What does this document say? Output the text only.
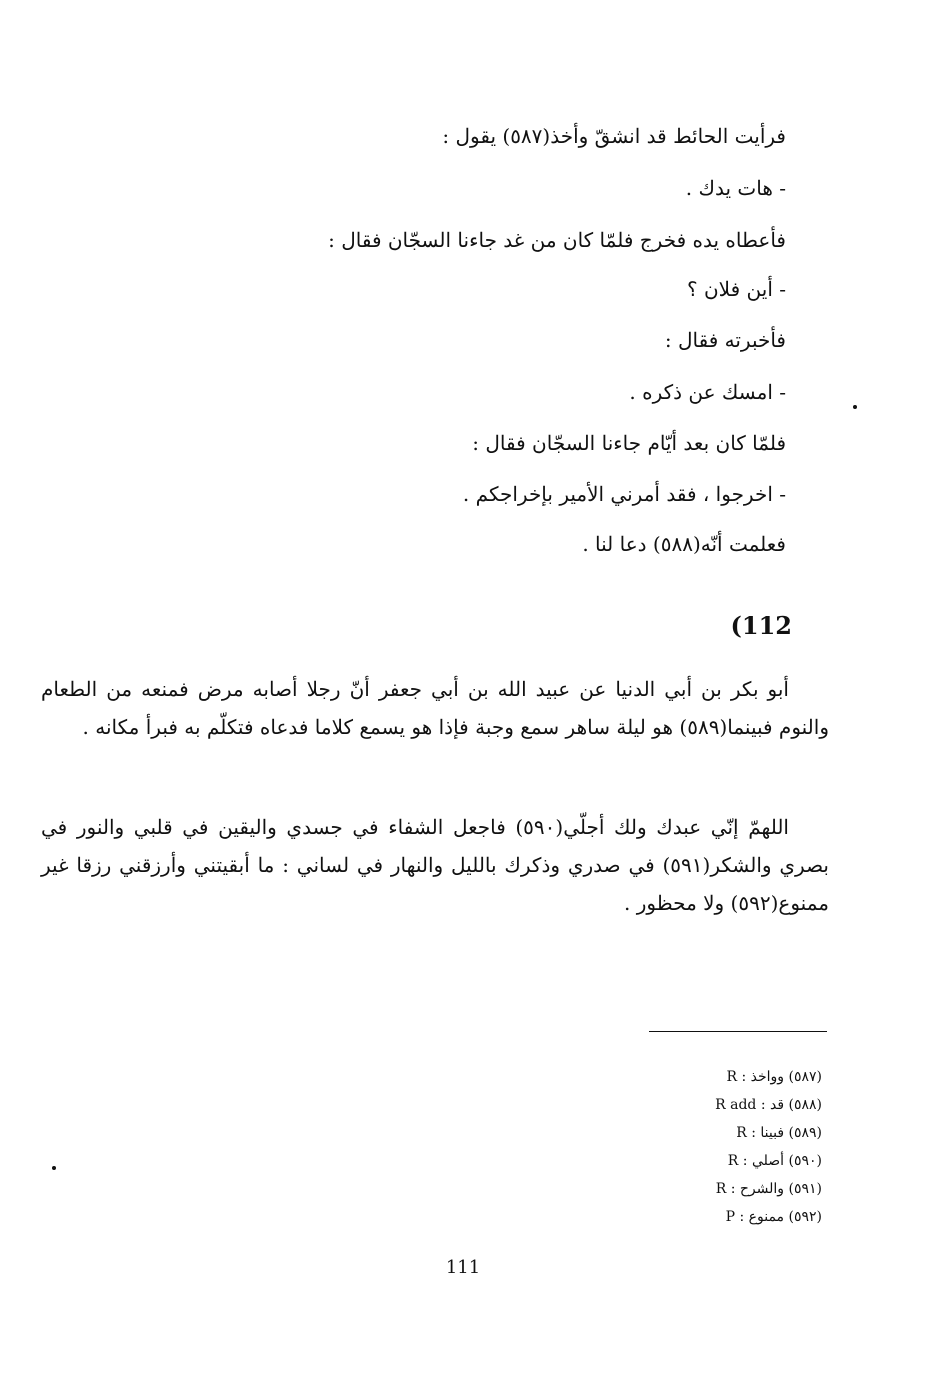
فرأيت الحائط قد انشقّ وأخذ(٥٨٧) يقول :
- هات يدك .
فأعطاه يده فخرج فلمّا كان من غد جاءنا السجّان فقال :
- أين فلان ؟
فأخبرته فقال :
- امسك عن ذكره .
فلمّا كان بعد أيّام جاءنا السجّان فقال :
- اخرجوا ، فقد أمرني الأمير بإخراجكم .
فعلمت أنّه(٥٨٨) دعا لنا .
(112

أبو بكر بن أبي الدنيا عن عبيد الله بن أبي جعفر أنّ رجلا أصابه مرض فمنعه من الطعام والنوم فبينما(٥٨٩) هو ليلة ساهر سمع وجبة فإذا هو يسمع كلاما فدعاه فتكلّم به فبرأ مكانه .

اللهمّ إنّي عبدك ولك أجلّي(٥٩٠) فاجعل الشفاء في جسدي واليقين في قلبي والنور في بصري والشكر(٥٩١) في صدري وذكرك بالليل والنهار في لساني : ما أبقيتني وأرزقني رزقا غير ممنوع(٥٩٢) ولا محظور .

(٥٨٧) وواخذ : R
(٥٨٨) قد : R add
(٥٨٩) فبينا : R
(٥٩٠) أصلي : R
(٥٩١) والشرح : R
(٥٩٢) ممنوع : P
111
